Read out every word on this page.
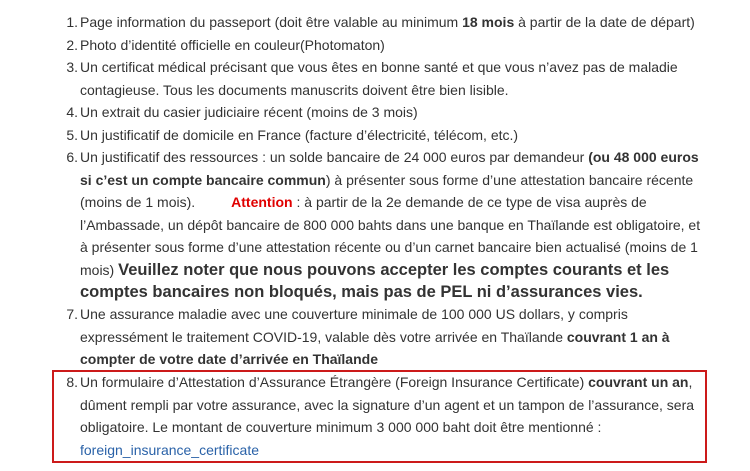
1. Page information du passeport (doit être valable au minimum 18 mois à partir de la date de départ)

2. Photo d’identité officielle en couleur(Photomaton)

3. Un certificat médical précisant que vous êtes en bonne santé et que vous n’avez pas de maladie contagieuse. Tous les documents manuscrits doivent être bien lisible.

4. Un extrait du casier judiciaire récent (moins de 3 mois)

5. Un justificatif de domicile en France (facture d’électricité, télécom, etc.)

6. Un justificatif des ressources : un solde bancaire de 24 000 euros par demandeur (ou 48 000 euros si c’est un compte bancaire commun) à présenter sous forme d’une attestation bancaire récente (moins de 1 mois).	Attention : à partir de la 2e demande de ce type de visa auprès de l’Ambassade, un dépôt bancaire de 800 000 bahts dans une banque en Thaïlande est obligatoire, et à présenter sous forme d’une attestation récente ou d’un carnet bancaire bien actualisé (moins de 1 mois) Veuillez noter que nous pouvons accepter les comptes courants et les comptes bancaires non bloqués, mais pas de PEL ni d’assurances vies.

7. Une assurance maladie avec une couverture minimale de 100 000 US dollars, y compris expressément le traitement COVID-19, valable dès votre arrivée en Thaïlande couvrant 1 an à compter de votre date d’arrivée en Thaïlande

8. Un formulaire d’Attestation d’Assurance Étrangère (Foreign Insurance Certificate) couvrant un an, dûment rempli par votre assurance, avec la signature d’un agent et un tampon de l’assurance, sera obligatoire. Le montant de couverture minimum 3 000 000 baht doit être mentionné :
foreign_insurance_certificate
